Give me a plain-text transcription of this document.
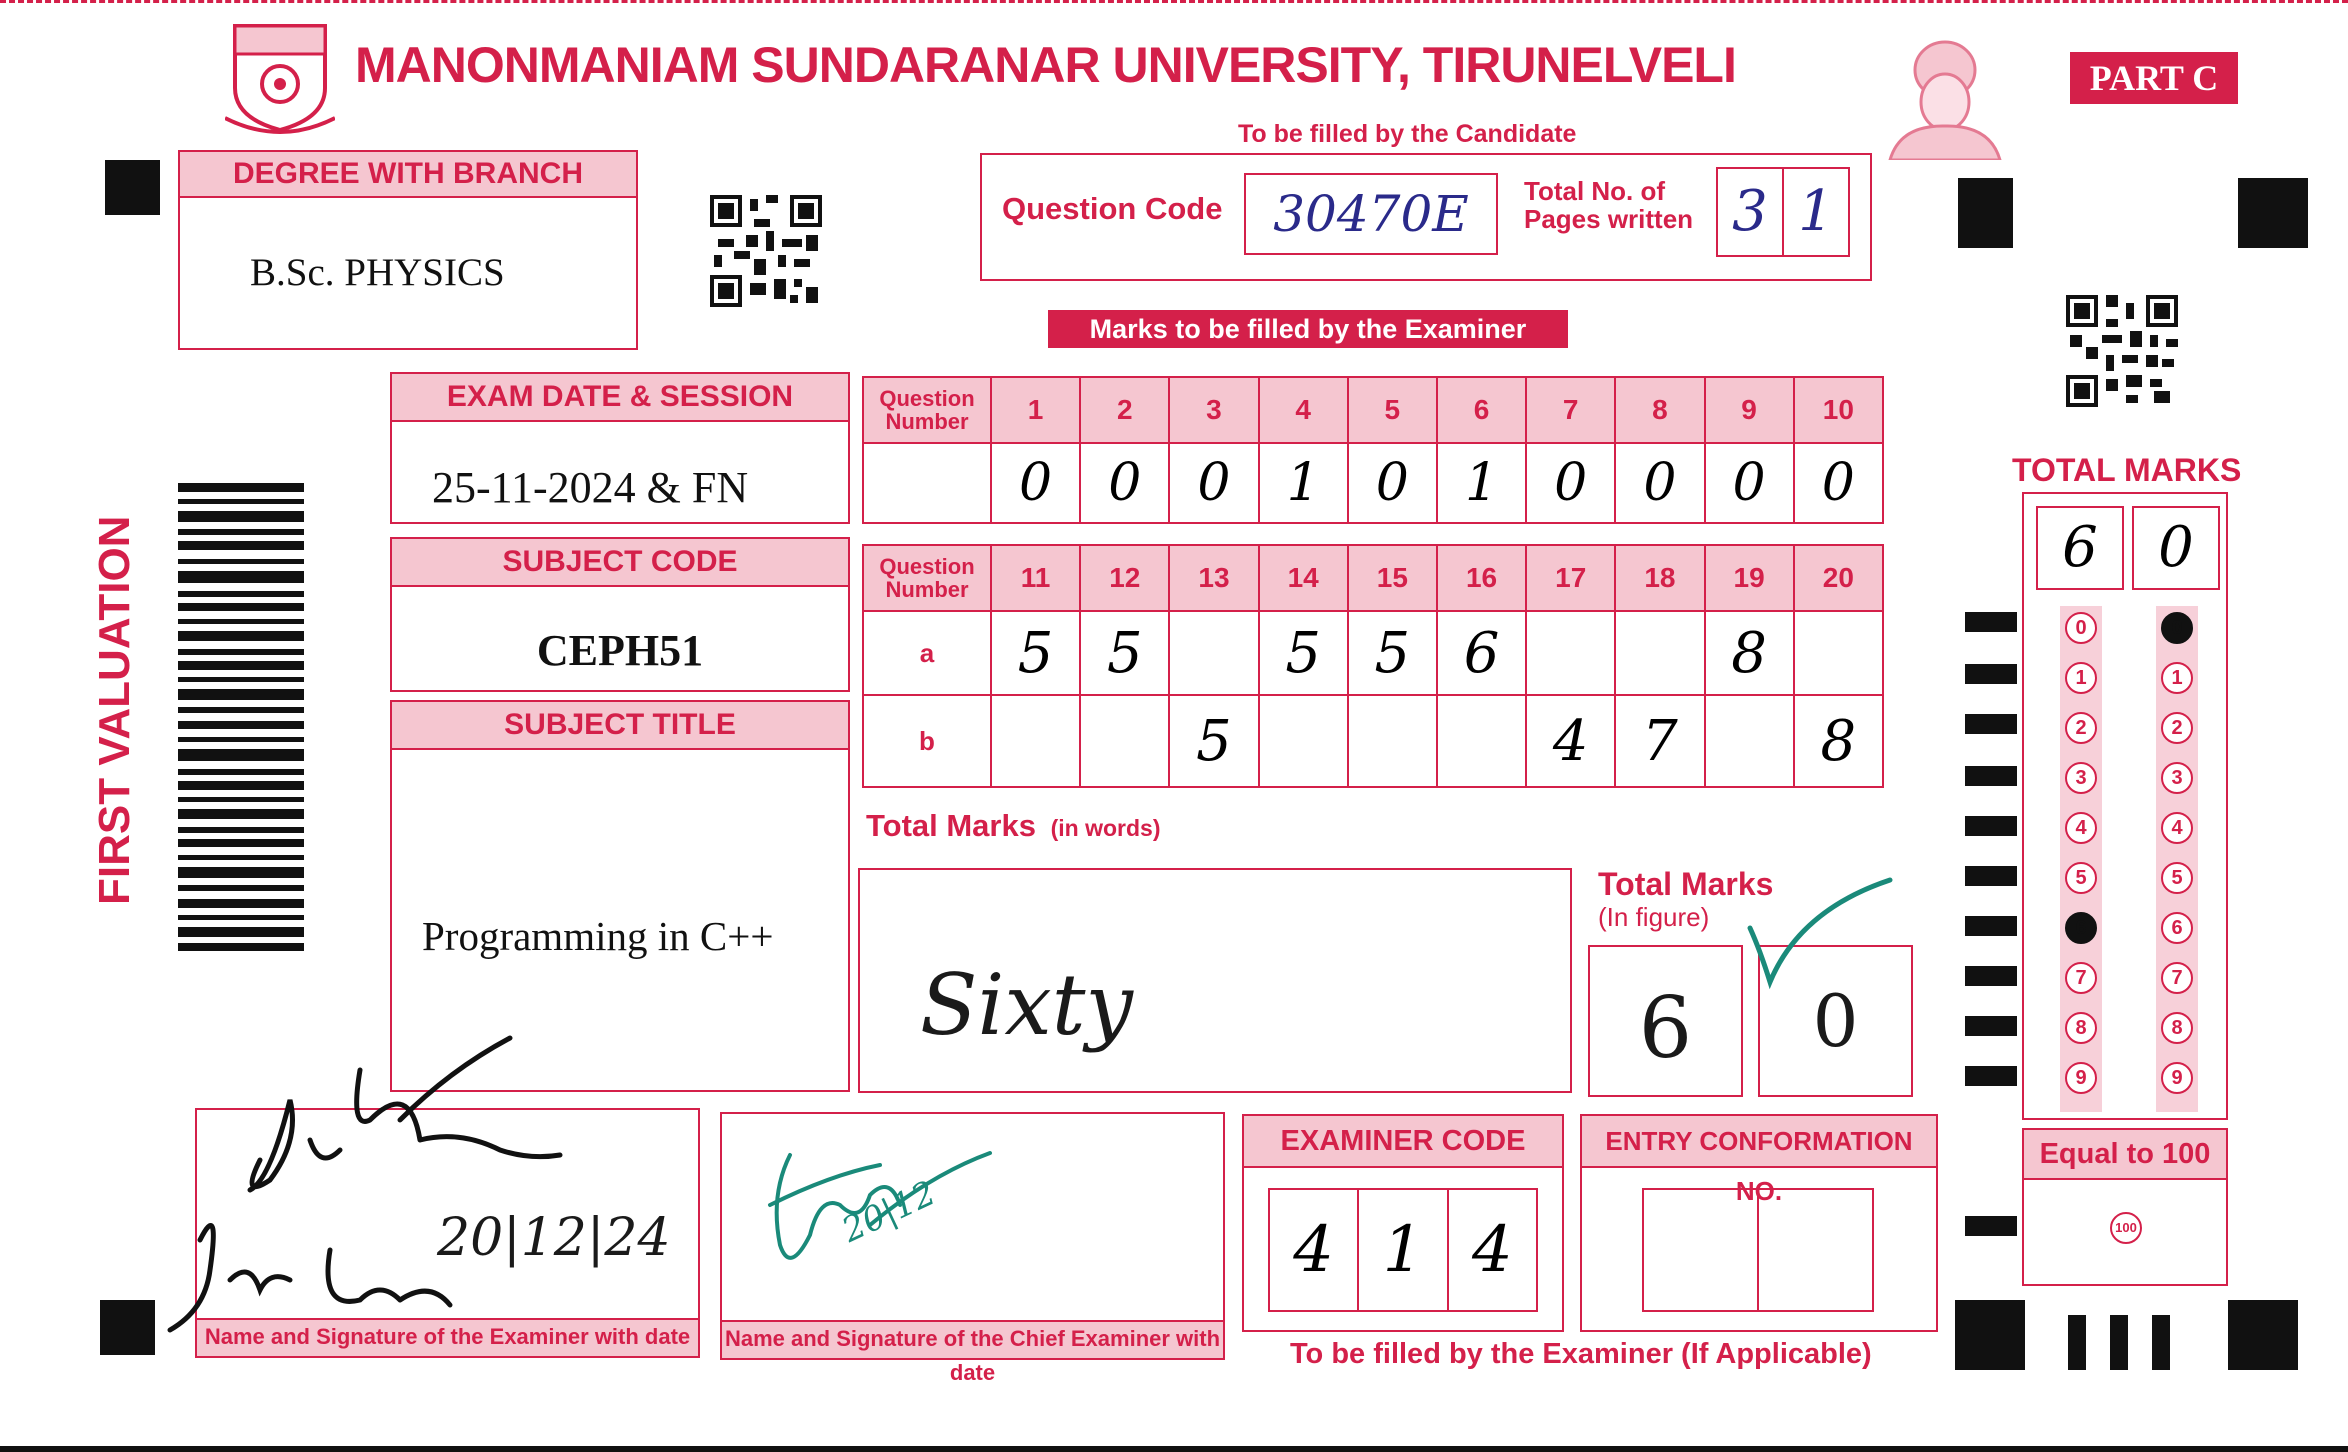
MANONMANIAM SUNDARANAR UNIVERSITY, TIRUNELVELI	PART C
To be filled by the Candidate
Question Code	30470E	Total No. of Pages written 3 1
DEGREE WITH BRANCH
B.Sc. PHYSICS
EXAM DATE & SESSION
25-11-2024 & FN
SUBJECT CODE
CEPH51
SUBJECT TITLE
Programming in C++
FIRST VALUATION
Marks to be filled by the Examiner
Question Number	1	2	3	4	5	6	7	8	9	10
	0	0	0	1	0	1	0	0	0	0
Question Number	11	12	13	14	15	16	17	18	19	20
a	5	5		5	5	6			8	
b			5				4	7		8
Total Marks (in words)
Sixty
Total Marks
(In figure)
6	0
TOTAL MARKS
6	0
0
1
2
3
4
5
6
7
8
9
0
1
2
3
4
5
6
7
8
9
Equal to 100
100
Name and Signature of the Examiner with date
20|12|24
Name and Signature of the Chief Examiner with date
20|12
EXAMINER CODE
4 1 4
ENTRY CONFORMATION NO.
To be filled by the Examiner (If Applicable)
